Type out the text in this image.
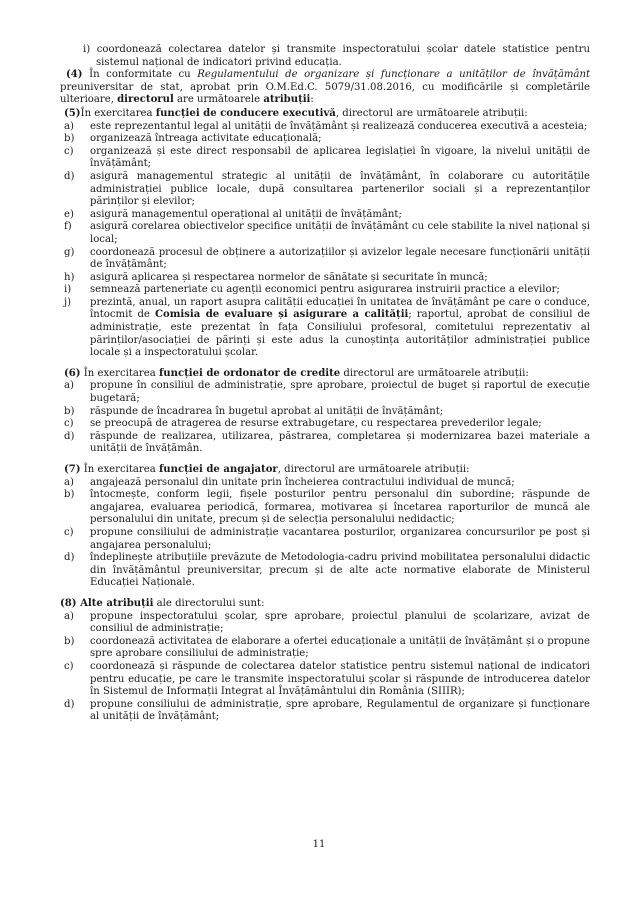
i) coordonează colectarea datelor și transmite inspectoratului școlar datele statistice pentru sistemul național de indicatori privind educația.

(4) În conformitate cu Regulamentului de organizare și funcționare a unităților de învățământ preuniversitar de stat, aprobat prin O.M.Ed.C. 5079/31.08.2016, cu modificările și completările ulterioare, directorul are următoarele atribuții:

(5)În exercitarea funcției de conducere executivă, directorul are următoarele atribuții:

a)	este reprezentantul legal al unității de învățământ și realizează conducerea executivă a acesteia;
b)	organizează întreaga activitate educațională;
c)	organizează și este direct responsabil de aplicarea legislației în vigoare, la nivelul unității de învățământ;
d)	asigură managementul strategic al unității de învățământ, în colaborare cu autoritățile administrației publice locale, după consultarea partenerilor sociali și a reprezentanților părinților și elevilor;
e)	asigură managementul operațional al unității de învățământ;
f)	asigură corelarea obiectivelor specifice unității de învățământ cu cele stabilite la nivel național și local;
g)	coordonează procesul de obținere a autorizațiilor și avizelor legale necesare funcționării unității de învățământ;
h)	asigură aplicarea și respectarea normelor de sănătate și securitate în muncă;
i)	semnează parteneriate cu agenții economici pentru asigurarea instruirii practice a elevilor;
j)	prezintă, anual, un raport asupra calității educației în unitatea de învățământ pe care o conduce, întocmit de Comisia de evaluare și asigurare a calității; raportul, aprobat de consiliul de administrație, este prezentat în fața Consiliului profesoral, comitetului reprezentativ al părinților/asociației de părinți și este adus la cunoștința autorităților administrației publice locale și a inspectoratului școlar.

(6) În exercitarea funcției de ordonator de credite directorul are următoarele atribuții:

a)	propune în consiliul de administrație, spre aprobare, proiectul de buget și raportul de execuție bugetară;
b)	răspunde de încadrarea în bugetul aprobat al unității de învățământ;
c)	se preocupă de atragerea de resurse extrabugetare, cu respectarea prevederilor legale;
d)	răspunde de realizarea, utilizarea, păstrarea, completarea și modernizarea bazei materiale a unității de învățămân.

(7) În exercitarea funcției de angajator, directorul are următoarele atribuții:

a)	angajează personalul din unitate prin încheierea contractului individual de muncă;
b)	întocmește, conform legii, fișele posturilor pentru personalul din subordine; răspunde de angajarea, evaluarea periodică, formarea, motivarea și încetarea raporturilor de muncă ale personalului din unitate, precum și de selecția personalului nedidactic;
c)	propune consiliului de administrație vacantarea posturilor, organizarea concursurilor pe post și angajarea personalului;
d)	îndeplinește atribuțiile prevăzute de Metodologia-cadru privind mobilitatea personalului didactic din învățământul preuniversitar, precum și de alte acte normative elaborate de Ministerul Educației Naționale.

(8) Alte atribuții ale directorului sunt:

a)	propune inspectoratului școlar, spre aprobare, proiectul planului de școlarizare, avizat de consiliul de administrație;
b)	coordonează activitatea de elaborare a ofertei educaționale a unității de învățământ și o propune spre aprobare consiliului de administrație;
c)	coordonează și răspunde de colectarea datelor statistice pentru sistemul național de indicatori pentru educație, pe care le transmite inspectoratului școlar și răspunde de introducerea datelor în Sistemul de Informații Integrat al Învățământului din România (SIIIR);
d)	propune consiliului de administrație, spre aprobare, Regulamentul de organizare și funcționare al unității de învățământ;
11
